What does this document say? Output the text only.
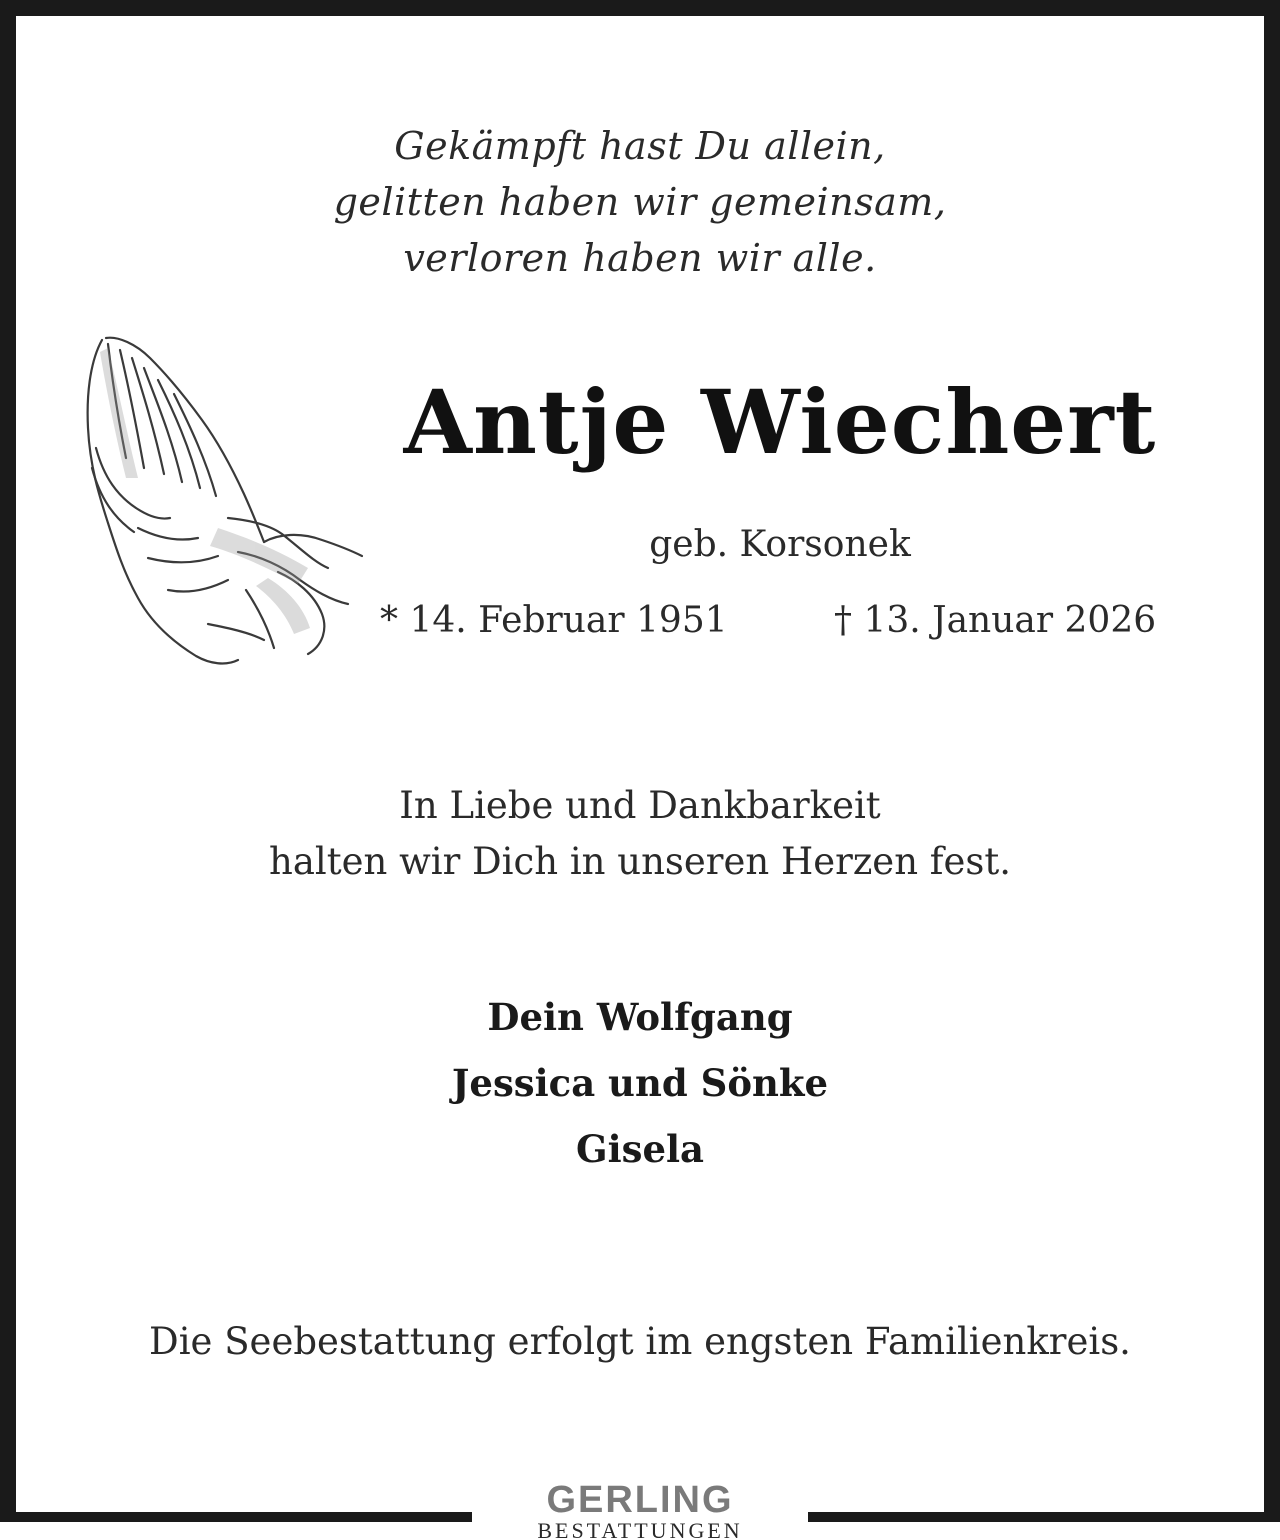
Gekämpft hast Du allein,
gelitten haben wir gemeinsam,
verloren haben wir alle.
Antje Wiechert
geb. Korsonek
* 14. Februar 1951	† 13. Januar 2026
In Liebe und Dankbarkeit
halten wir Dich in unseren Herzen fest.
Dein Wolfgang
Jessica und Sönke
Gisela
Die Seebestattung erfolgt im engsten Familienkreis.
GERLING
BESTATTUNGEN
